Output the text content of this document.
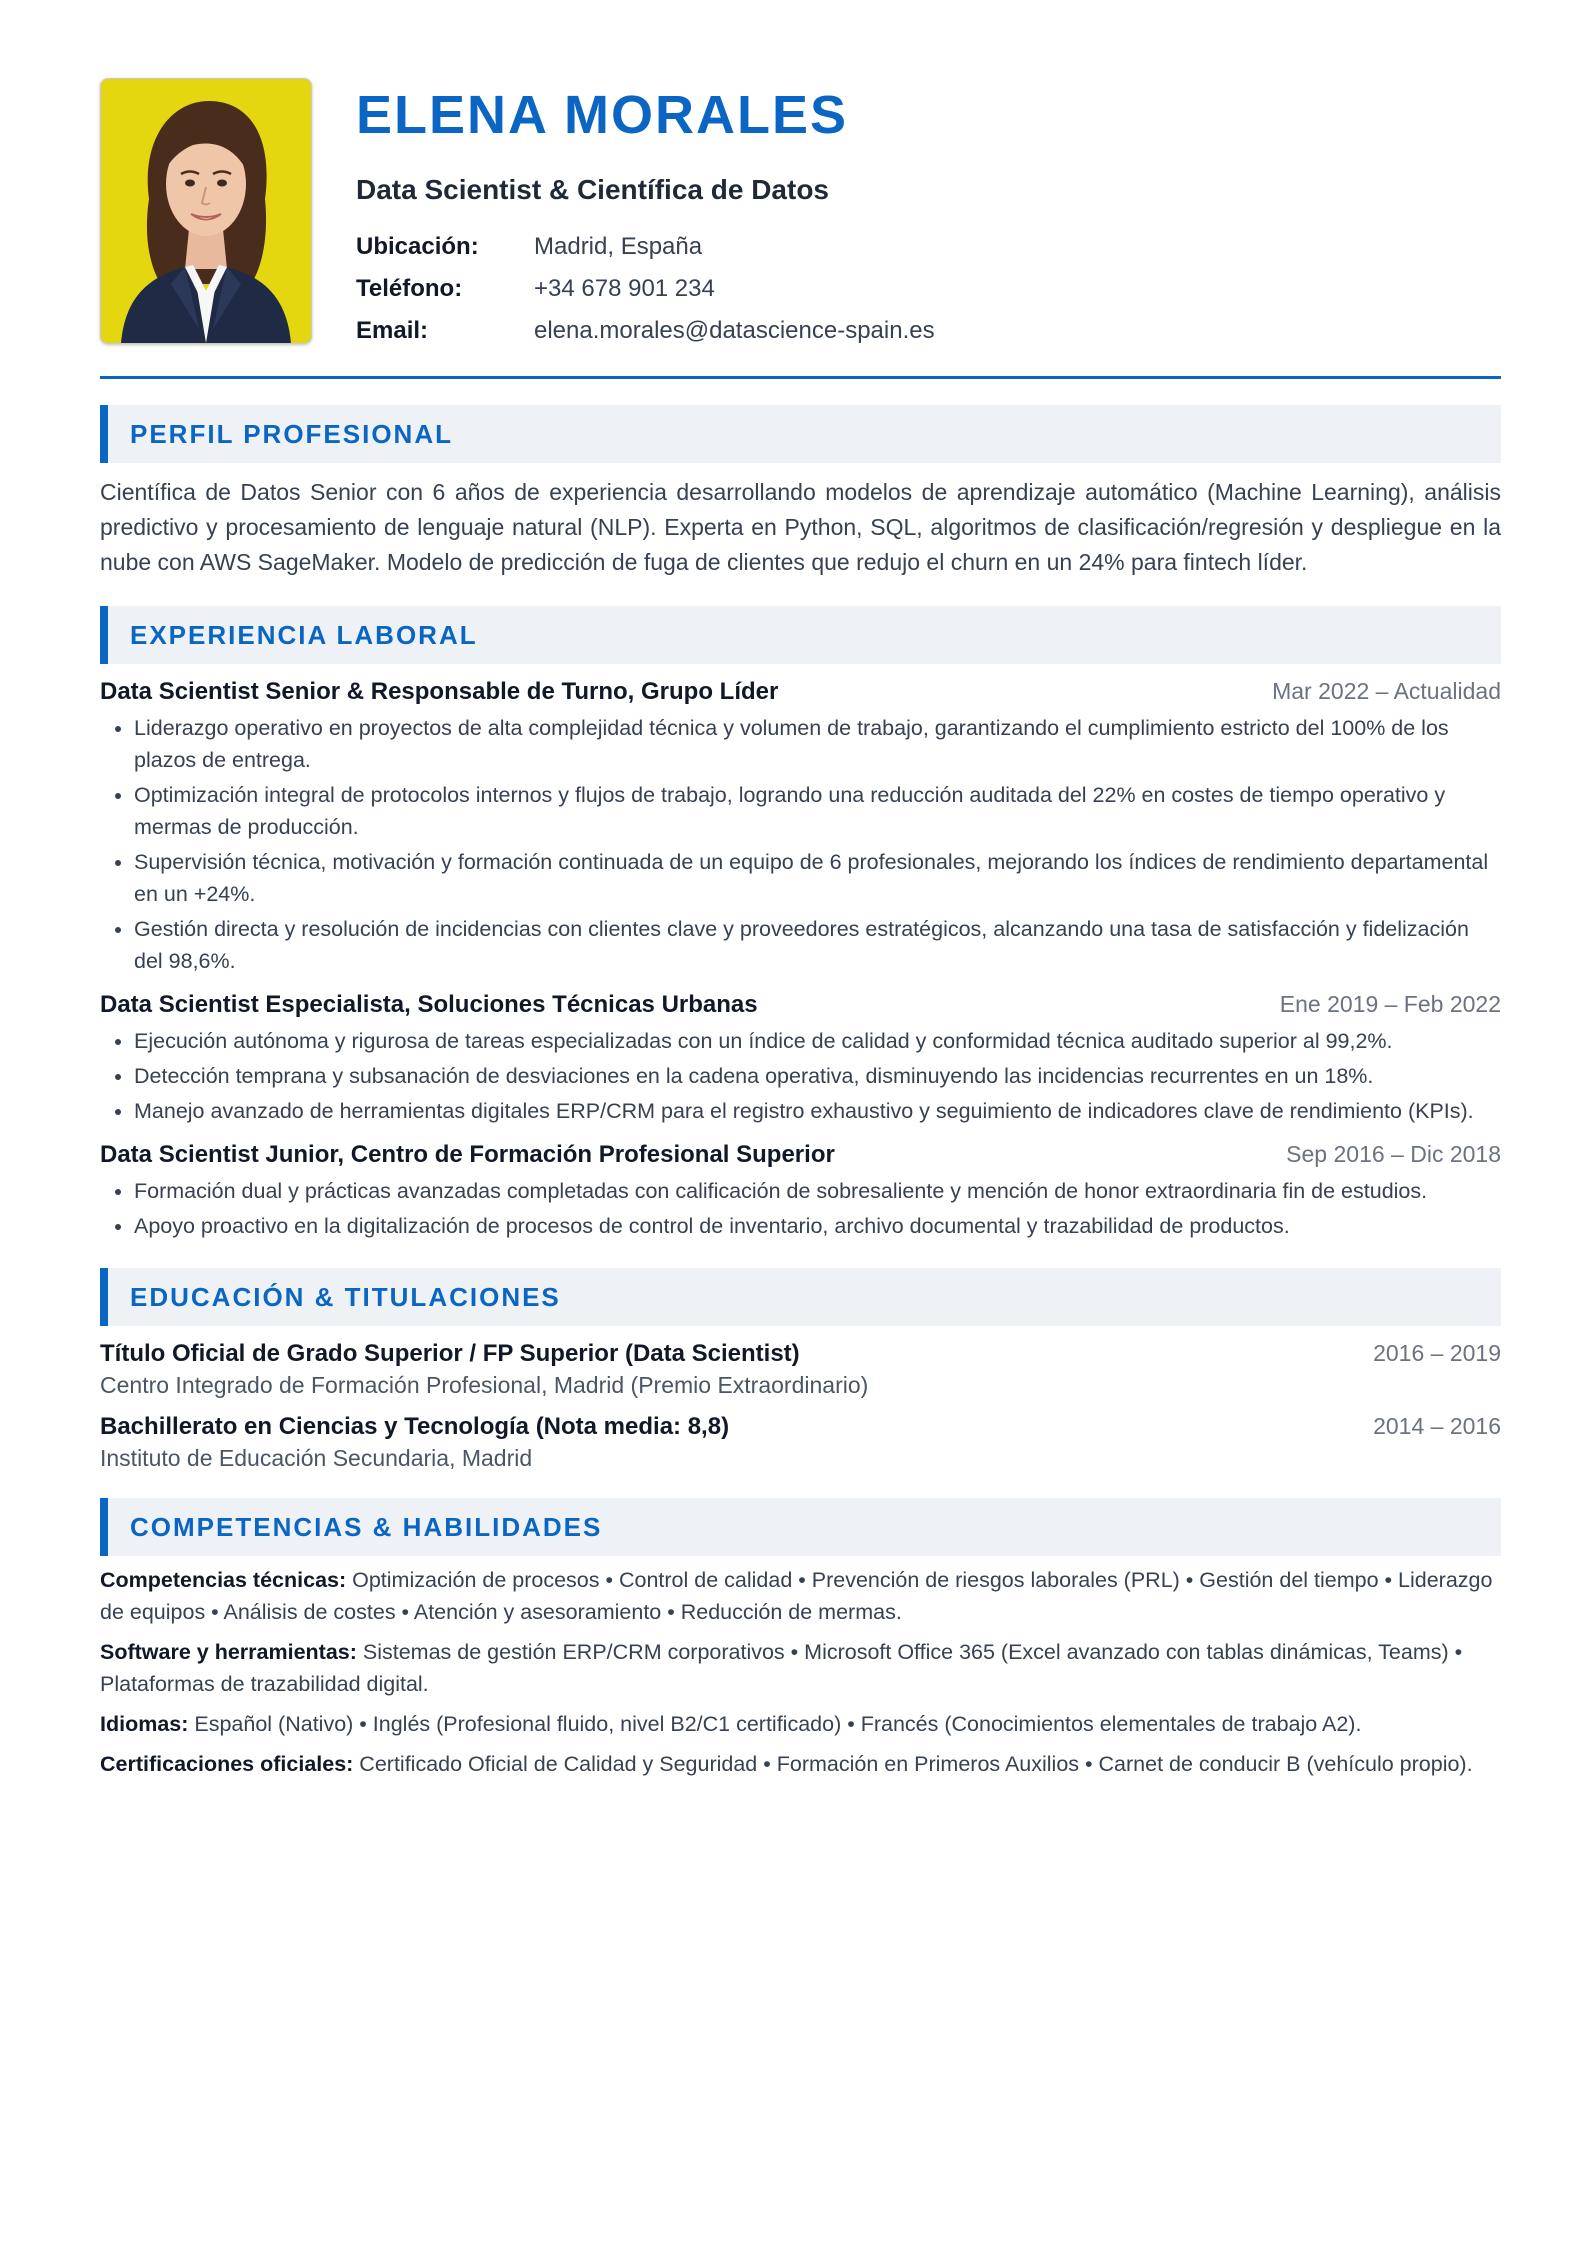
ELENA MORALES
Data Scientist & Científica de Datos
Ubicación:	Madrid, España
Teléfono:	+34 678 901 234
Email:	elena.morales@datascience-spain.es
PERFIL PROFESIONAL
Científica de Datos Senior con 6 años de experiencia desarrollando modelos de aprendizaje automático (Machine Learning), análisis predictivo y procesamiento de lenguaje natural (NLP). Experta en Python, SQL, algoritmos de clasificación/regresión y despliegue en la nube con AWS SageMaker. Modelo de predicción de fuga de clientes que redujo el churn en un 24% para fintech líder.
EXPERIENCIA LABORAL
Data Scientist Senior & Responsable de Turno, Grupo Líder	Mar 2022 – Actualidad
• Liderazgo operativo en proyectos de alta complejidad técnica y volumen de trabajo, garantizando el cumplimiento estricto del 100% de los plazos de entrega.
• Optimización integral de protocolos internos y flujos de trabajo, logrando una reducción auditada del 22% en costes de tiempo operativo y mermas de producción.
• Supervisión técnica, motivación y formación continuada de un equipo de 6 profesionales, mejorando los índices de rendimiento departamental en un +24%.
• Gestión directa y resolución de incidencias con clientes clave y proveedores estratégicos, alcanzando una tasa de satisfacción y fidelización del 98,6%.
Data Scientist Especialista, Soluciones Técnicas Urbanas	Ene 2019 – Feb 2022
• Ejecución autónoma y rigurosa de tareas especializadas con un índice de calidad y conformidad técnica auditado superior al 99,2%.
• Detección temprana y subsanación de desviaciones en la cadena operativa, disminuyendo las incidencias recurrentes en un 18%.
• Manejo avanzado de herramientas digitales ERP/CRM para el registro exhaustivo y seguimiento de indicadores clave de rendimiento (KPIs).
Data Scientist Junior, Centro de Formación Profesional Superior	Sep 2016 – Dic 2018
• Formación dual y prácticas avanzadas completadas con calificación de sobresaliente y mención de honor extraordinaria fin de estudios.
• Apoyo proactivo en la digitalización de procesos de control de inventario, archivo documental y trazabilidad de productos.
EDUCACIÓN & TITULACIONES
Título Oficial de Grado Superior / FP Superior (Data Scientist)	2016 – 2019
Centro Integrado de Formación Profesional, Madrid (Premio Extraordinario)
Bachillerato en Ciencias y Tecnología (Nota media: 8,8)	2014 – 2016
Instituto de Educación Secundaria, Madrid
COMPETENCIAS & HABILIDADES
Competencias técnicas: Optimización de procesos • Control de calidad • Prevención de riesgos laborales (PRL) • Gestión del tiempo • Liderazgo de equipos • Análisis de costes • Atención y asesoramiento • Reducción de mermas.
Software y herramientas: Sistemas de gestión ERP/CRM corporativos • Microsoft Office 365 (Excel avanzado con tablas dinámicas, Teams) • Plataformas de trazabilidad digital.
Idiomas: Español (Nativo) • Inglés (Profesional fluido, nivel B2/C1 certificado) • Francés (Conocimientos elementales de trabajo A2).
Certificaciones oficiales: Certificado Oficial de Calidad y Seguridad • Formación en Primeros Auxilios • Carnet de conducir B (vehículo propio).
